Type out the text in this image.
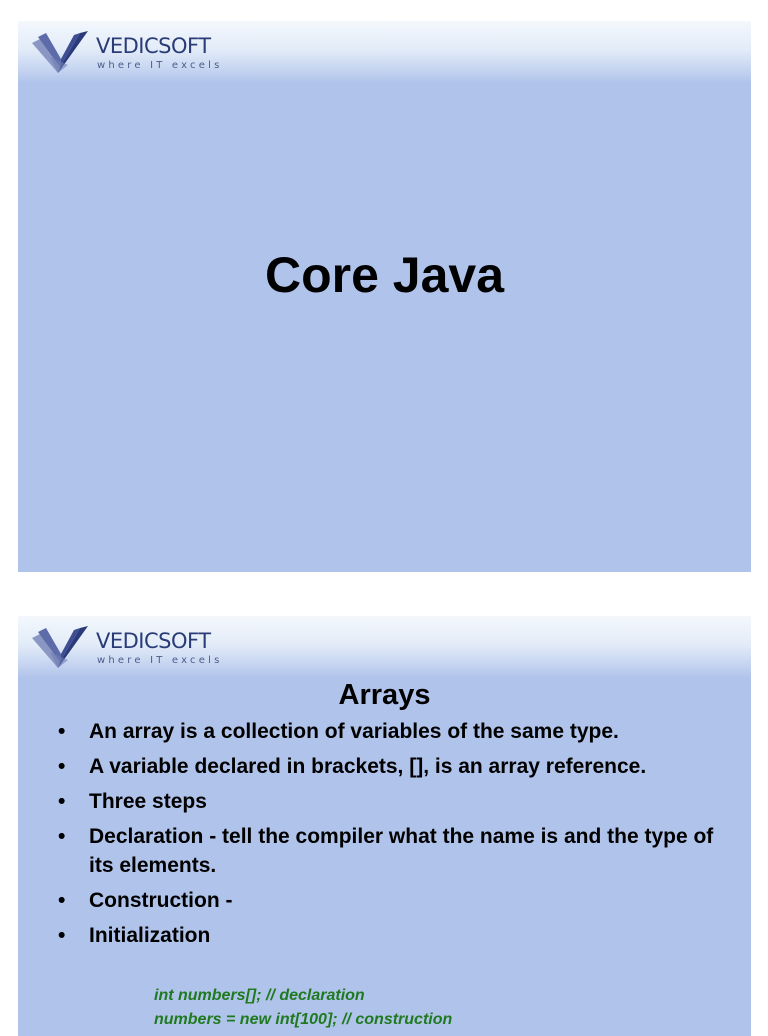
VEDICSOFT
where IT excels
Core Java
VEDICSOFT
where IT excels
Arrays
• An array is a collection of variables of the same type.
• A variable declared in brackets, [], is an array reference.
• Three steps
• Declaration - tell the compiler what the name is and the type of its elements.
• Construction -
• Initialization
int numbers[]; // declaration
numbers = new int[100]; // construction
